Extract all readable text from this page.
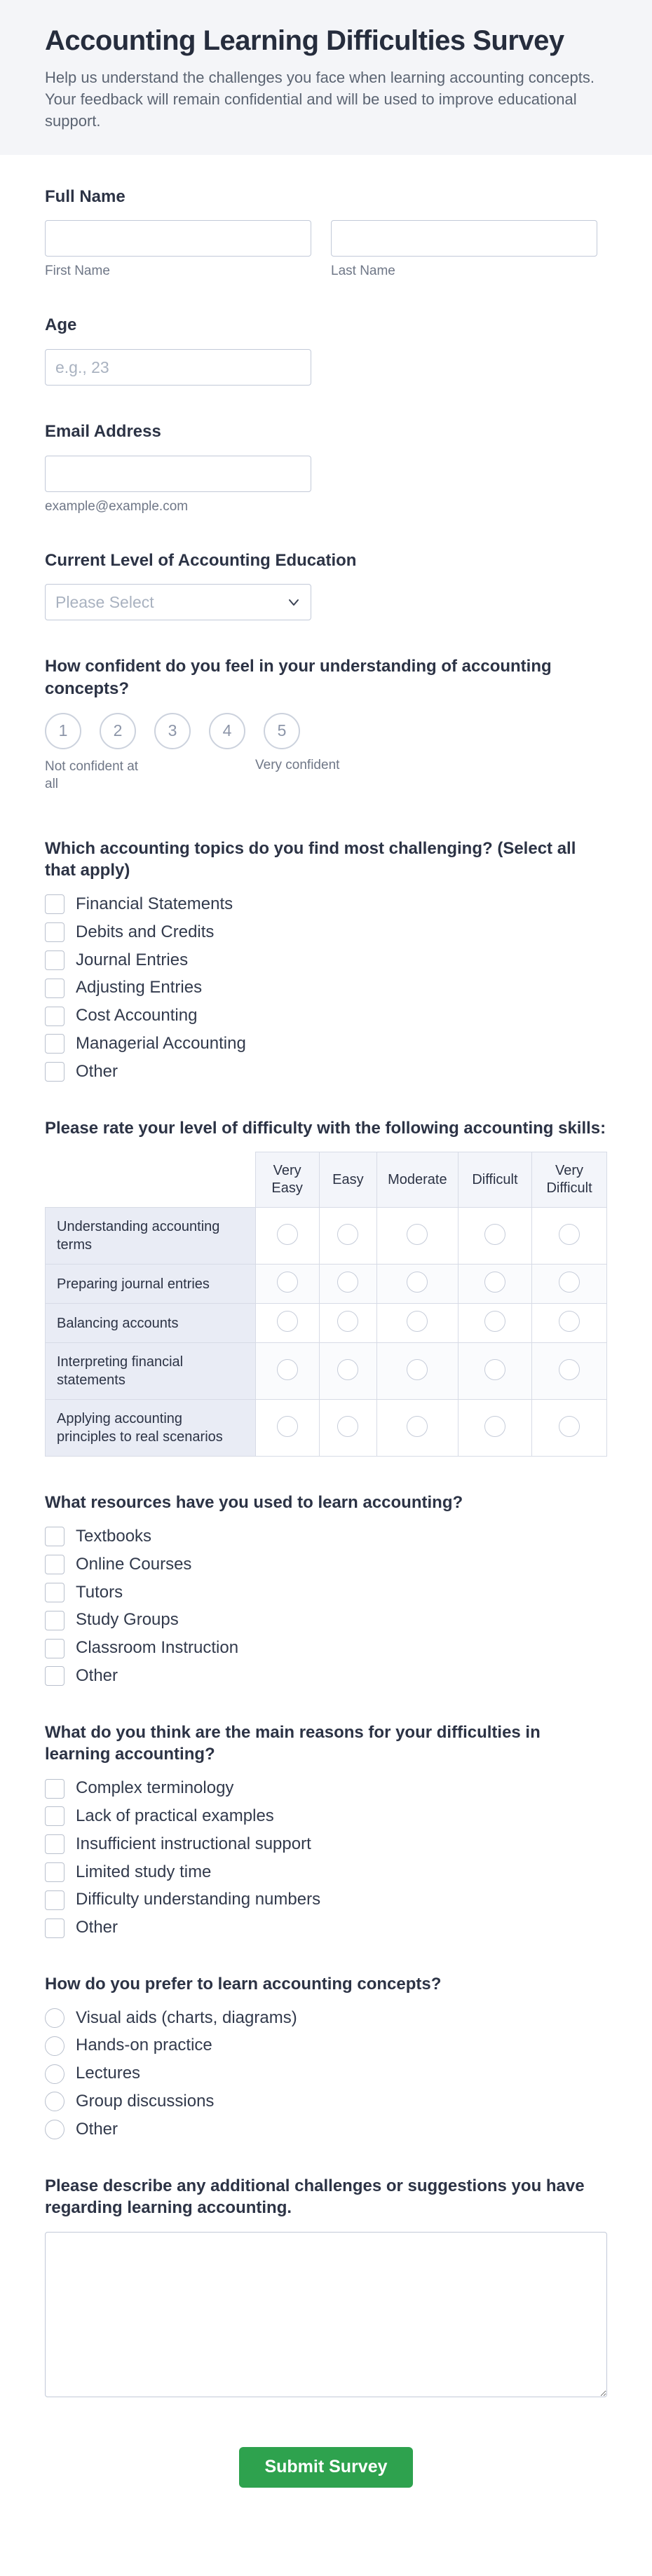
Accounting Learning Difficulties Survey

Help us understand the challenges you face when learning accounting concepts. Your feedback will remain confidential and will be used to improve educational support.

Full Name
First Name	Last Name
Age
e.g., 23
Email Address
example@example.com
Current Level of Accounting Education
Please Select
How confident do you feel in your understanding of accounting concepts?
1	2	3	4	5
Not confident at all
Very confident
Which accounting topics do you find most challenging? (Select all that apply)
Financial Statements
Debits and Credits
Journal Entries
Adjusting Entries
Cost Accounting
Managerial Accounting
Other
Please rate your level of difficulty with the following accounting skills:
	Very Easy	Easy	Moderate	Difficult	Very Difficult
Understanding accounting terms					
Preparing journal entries					
Balancing accounts					
Interpreting financial statements					
Applying accounting principles to real scenarios					
What resources have you used to learn accounting?
Textbooks
Online Courses
Tutors
Study Groups
Classroom Instruction
Other
What do you think are the main reasons for your difficulties in learning accounting?
Complex terminology
Lack of practical examples
Insufficient instructional support
Limited study time
Difficulty understanding numbers
Other
How do you prefer to learn accounting concepts?
Visual aids (charts, diagrams)
Hands-on practice
Lectures
Group discussions
Other
Please describe any additional challenges or suggestions you have regarding learning accounting.
Submit Survey
